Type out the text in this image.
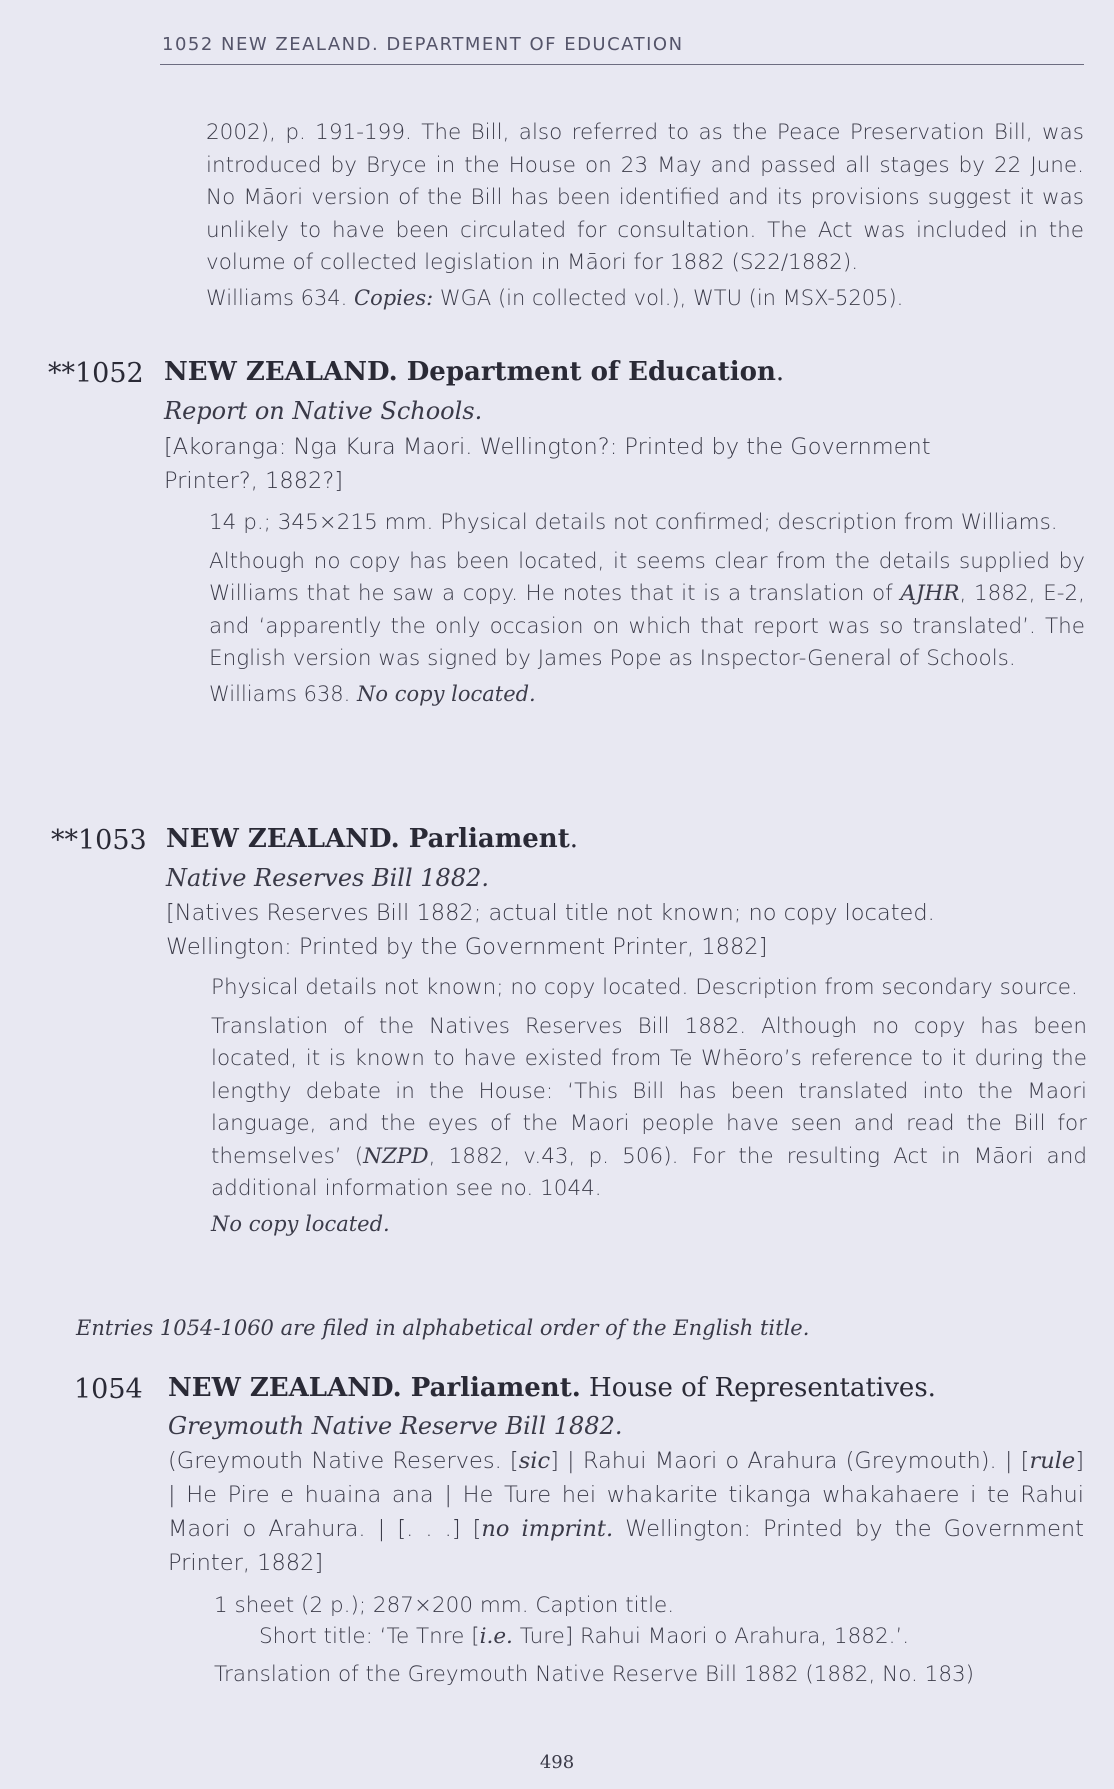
1052 NEW ZEALAND. DEPARTMENT OF EDUCATION

2002), p. 191-199. The Bill, also referred to as the Peace Preservation Bill, was introduced by Bryce in the House on 23 May and passed all stages by 22 June. No Māori version of the Bill has been identified and its provisions suggest it was unlikely to have been circulated for consultation. The Act was included in the volume of collected legislation in Māori for 1882 (S22/1882).

Williams 634. Copies: WGA (in collected vol.), WTU (in MSX-5205).

**1052 NEW ZEALAND. Department of Education.
Report on Native Schools.
[Akoranga: Nga Kura Maori. Wellington?: Printed by the Government Printer?, 1882?]

14 p.; 345×215 mm. Physical details not confirmed; description from Williams.

Although no copy has been located, it seems clear from the details supplied by Williams that he saw a copy. He notes that it is a translation of AJHR, 1882, E-2, and ‘apparently the only occasion on which that report was so translated’. The English version was signed by James Pope as Inspector-General of Schools.

Williams 638. No copy located.

**1053 NEW ZEALAND. Parliament.
Native Reserves Bill 1882.
[Natives Reserves Bill 1882; actual title not known; no copy located. Wellington: Printed by the Government Printer, 1882]

Physical details not known; no copy located. Description from secondary source.

Translation of the Natives Reserves Bill 1882. Although no copy has been located, it is known to have existed from Te Whēoro’s reference to it during the lengthy debate in the House: ‘This Bill has been translated into the Maori language, and the eyes of the Maori people have seen and read the Bill for themselves’ (NZPD, 1882, v.43, p. 506). For the resulting Act in Māori and additional information see no. 1044.

No copy located.

Entries 1054-1060 are filed in alphabetical order of the English title.
1054 NEW ZEALAND. Parliament. House of Representatives.
Greymouth Native Reserve Bill 1882.
(Greymouth Native Reserves. [sic] | Rahui Maori o Arahura (Greymouth). | [rule] | He Pire e huaina ana | He Ture hei whakarite tikanga whakahaere i te Rahui Maori o Arahura. | [. . .] [no imprint. Wellington: Printed by the Government Printer, 1882]

1 sheet (2 p.); 287×200 mm. Caption title.

Short title: ‘Te Tnre [i.e. Ture] Rahui Maori o Arahura, 1882.’.

Translation of the Greymouth Native Reserve Bill 1882 (1882, No. 183)

498
